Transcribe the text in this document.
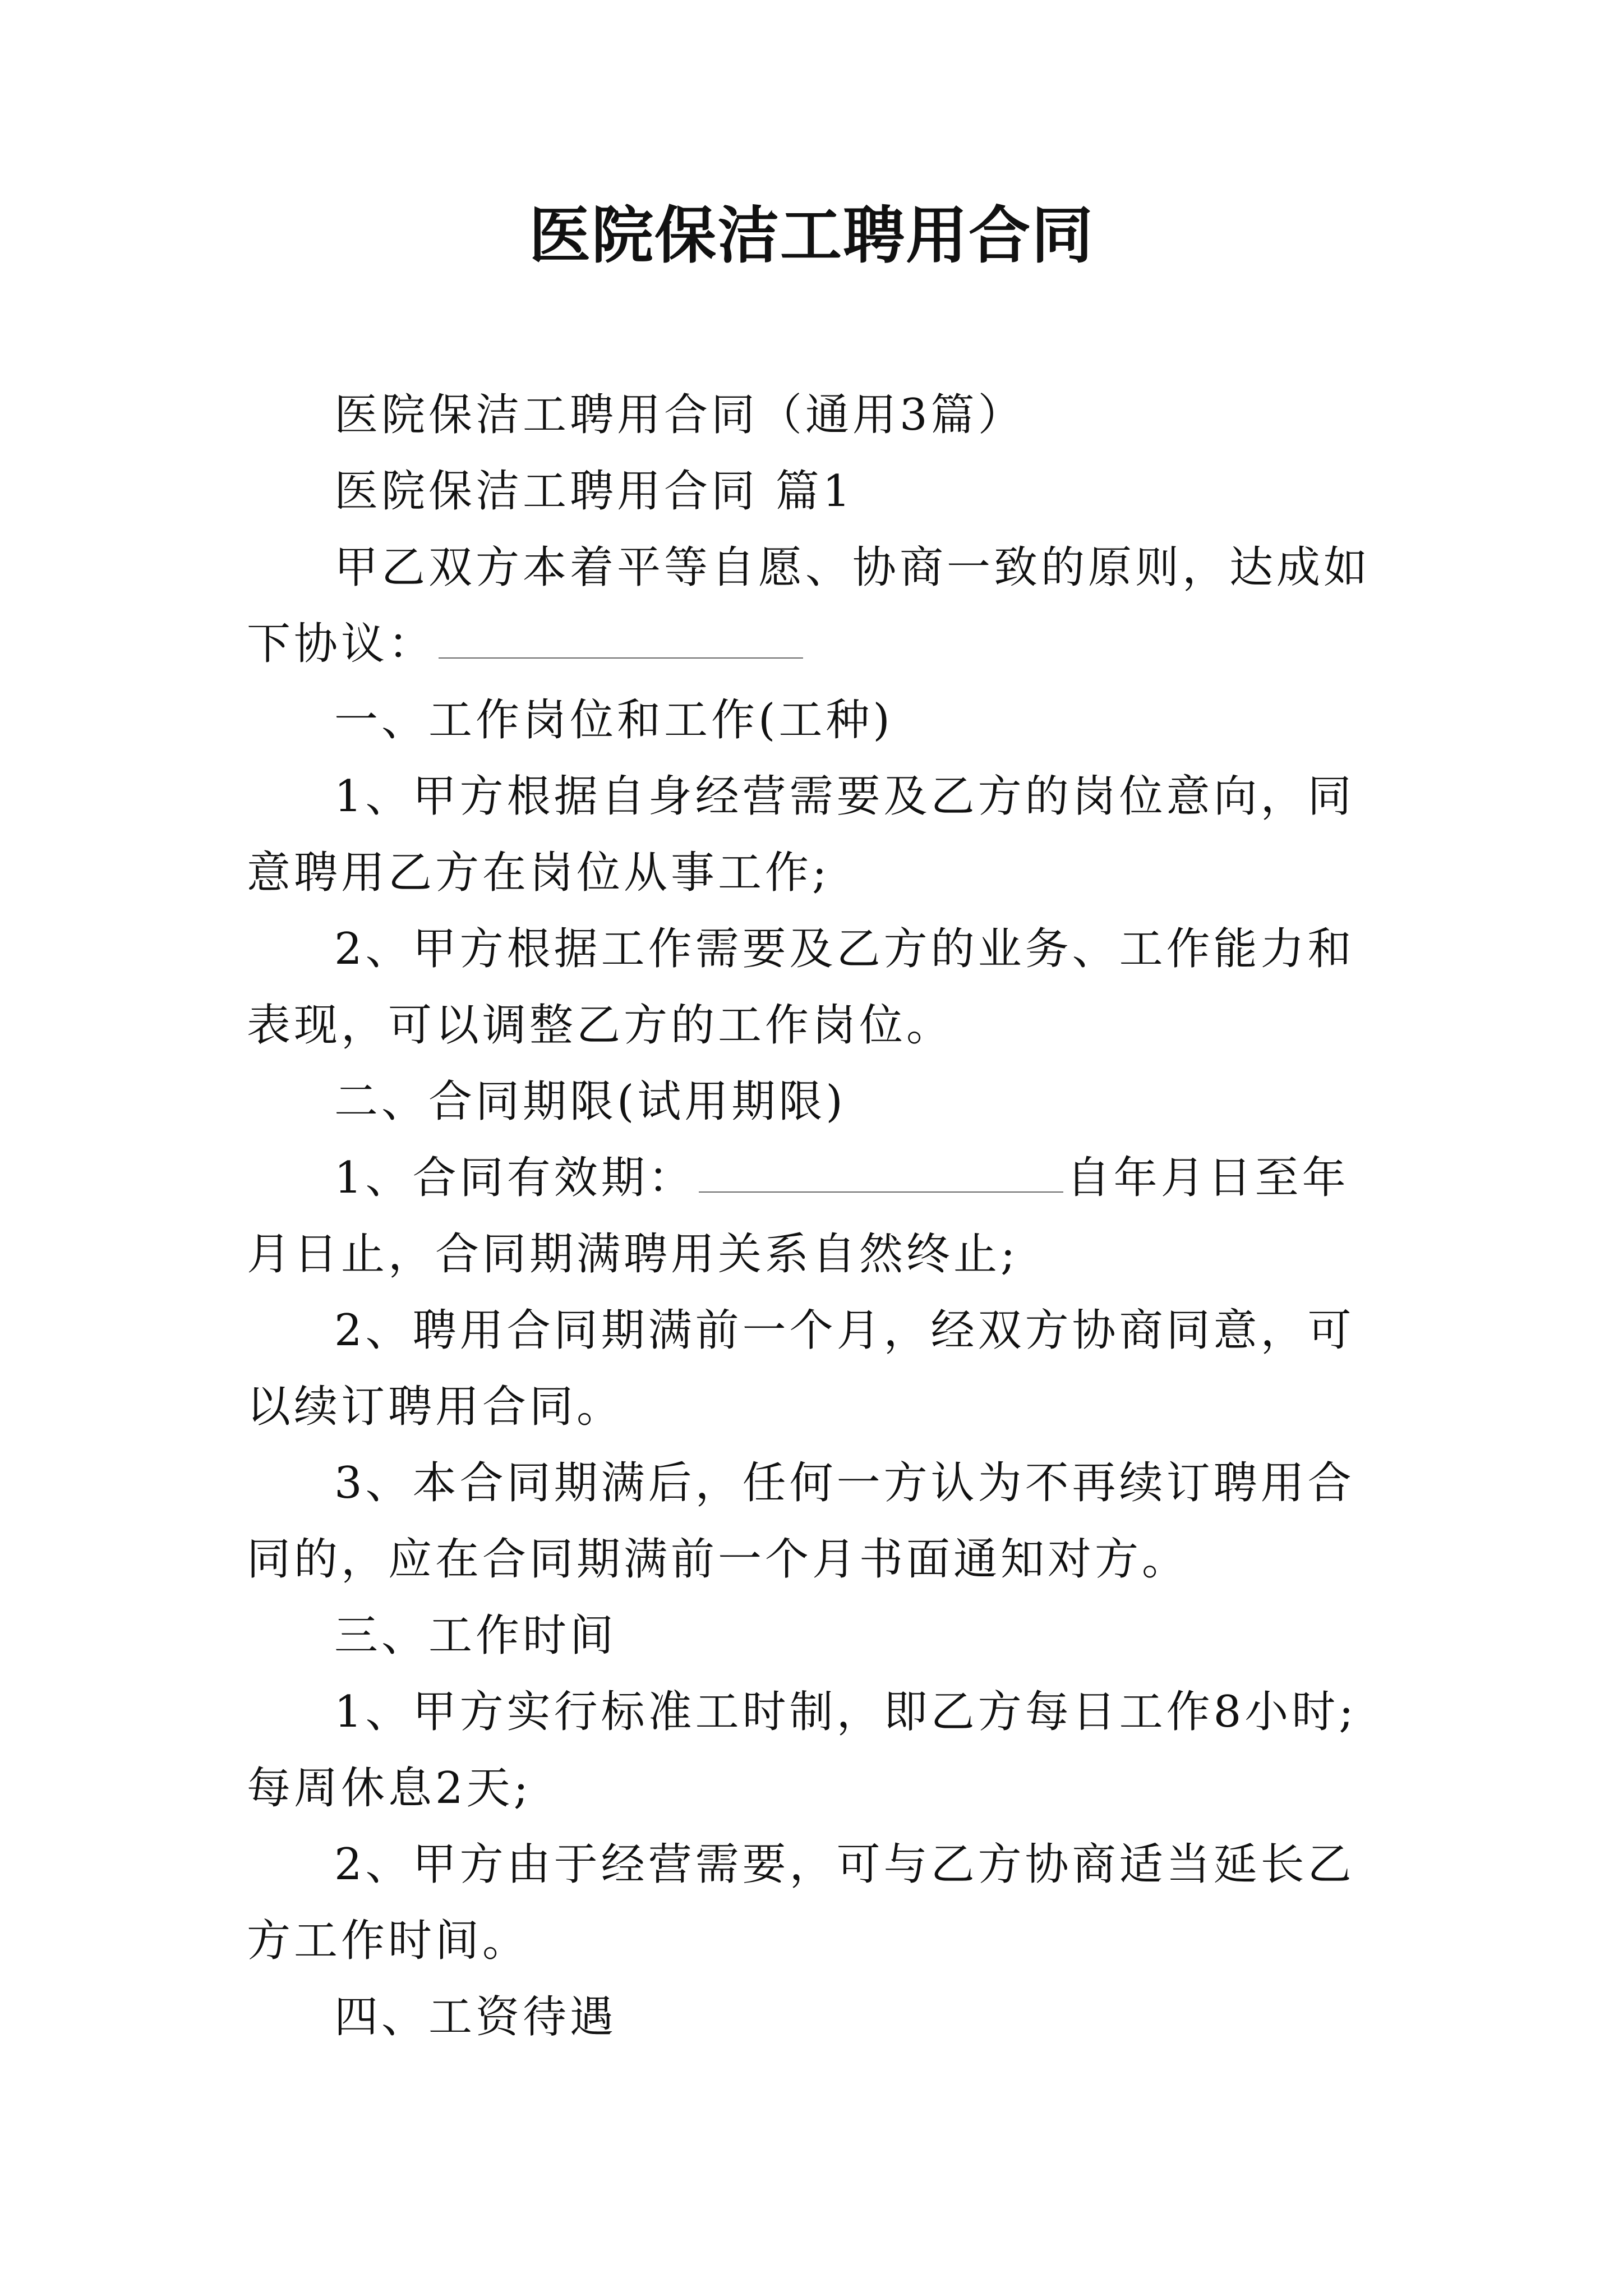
医院保洁工聘用合同

医院保洁工聘用合同（通用3篇）

医院保洁工聘用合同 篇1

甲乙双方本着平等自愿、协商一致的原则，达成如下协议：

一、工作岗位和工作(工种)

1、甲方根据自身经营需要及乙方的岗位意向，同意聘用乙方在岗位从事工作;

2、甲方根据工作需要及乙方的业务、工作能力和表现，可以调整乙方的工作岗位。

二、合同期限(试用期限)

1、合同有效期：	自年月日至年月日止，合同期满聘用关系自然终止;

2、聘用合同期满前一个月，经双方协商同意，可以续订聘用合同。

3、本合同期满后，任何一方认为不再续订聘用合同的，应在合同期满前一个月书面通知对方。

三、工作时间

1、甲方实行标准工时制，即乙方每日工作8小时;每周休息2天;

2、甲方由于经营需要，可与乙方协商适当延长乙方工作时间。

四、工资待遇
